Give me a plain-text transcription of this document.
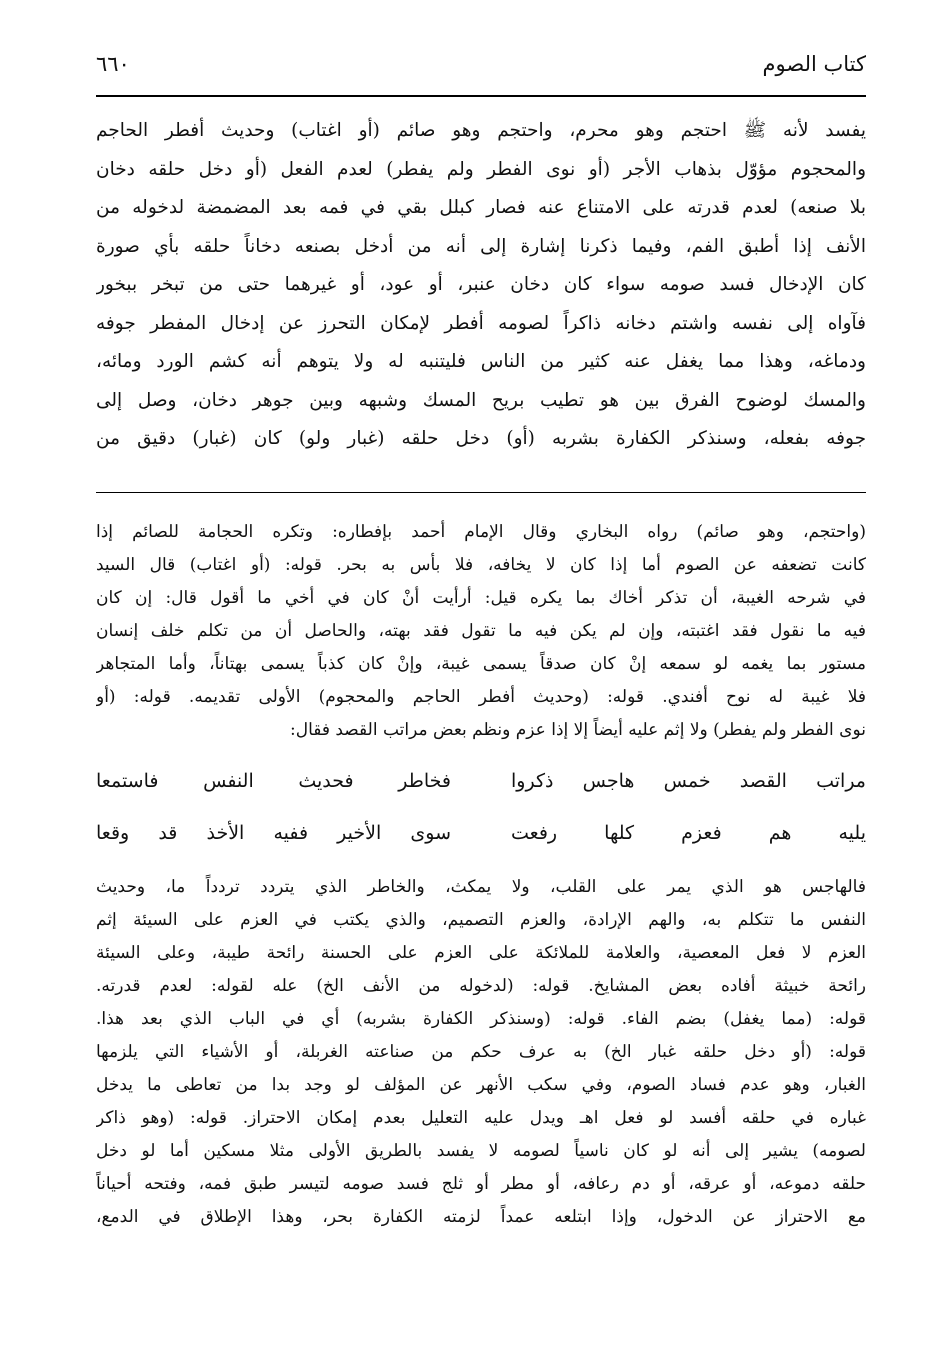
كتاب الصوم
٦٦٠
يفسد لأنه ﷺ احتجم وهو محرم، واحتجم وهو صائم (أو اغتاب) وحديث أفطر الحاجم
والمحجوم مؤوّل بذهاب الأجر (أو نوى الفطر ولم يفطر) لعدم الفعل (أو دخل حلقه دخان
بلا صنعه) لعدم قدرته على الامتناع عنه فصار كبلل بقي في فمه بعد المضمضة لدخوله من
الأنف إذا أطبق الفم، وفيما ذكرنا إشارة إلى أنه من أدخل بصنعه دخاناً حلقه بأي صورة
كان الإدخال فسد صومه سواء كان دخان عنبر، أو عود، أو غيرهما حتى من تبخر ببخور
فآواه إلى نفسه واشتم دخانه ذاكراً لصومه أفطر لإمكان التحرز عن إدخال المفطر جوفه
ودماغه، وهذا مما يغفل عنه كثير من الناس فليتنبه له ولا يتوهم أنه كشم الورد ومائه،
والمسك لوضوح الفرق بين هو تطيب بريح المسك وشبهه وبين جوهر دخان، وصل إلى
جوفه بفعله، وسنذكر الكفارة بشربه (أو) دخل حلقه (غبار ولو) كان (غبار) دقيق من
(واحتجم، وهو صائم) رواه البخاري وقال الإمام أحمد بإفطاره: وتكره الحجامة للصائم إذا
كانت تضعفه عن الصوم أما إذا كان لا يخافه، فلا بأس به بحر. قوله: (أو اغتاب) قال السيد
في شرحه الغيبة، أن تذكر أخاك بما يكره قيل: أرأيت أنْ كان في أخي ما أقول قال: إن كان
فيه ما نقول فقد اغتبته، وإن لم يكن فيه ما تقول فقد بهته، والحاصل أن من تكلم خلف إنسان
مستور بما يغمه لو سمعه إنْ كان صدقاً يسمى غيبة، وإنْ كان كذباً يسمى بهتاناً، وأما المتجاهر
فلا غيبة له نوح أفندي. قوله: (وحديث أفطر الحاجم والمحجوم) الأولى تقديمه. قوله: (أو
نوى الفطر ولم يفطر) ولا إثم عليه أيضاً إلا إذا عزم ونظم بعض مراتب القصد فقال:
مراتب القصد خمس هاجس ذكروا
فخاطر فحديث النفس فاستمعا
يليه هم فعزم كلها رفعت
سوى الأخير ففيه الأخذ قد وقعا
فالهاجس هو الذي يمر على القلب، ولا يمكث، والخاطر الذي يتردد تردداً ما، وحديث
النفس ما تتكلم به، والهم الإرادة، والعزم التصميم، والذي يكتب في العزم على السيئة إثم
العزم لا فعل المعصية، والعلامة للملائكة على العزم على الحسنة رائحة طيبة، وعلى السيئة
رائحة خبيثة أفاده بعض المشايخ. قوله: (لدخوله من الأنف الخ) عله لقوله: لعدم قدرته.
قوله: (مما يغفل) بضم الفاء. قوله: (وسنذكر الكفارة بشربه) أي في الباب الذي بعد هذا.
قوله: (أو دخل حلقه غبار الخ) به عرف حكم من صناعته الغربلة، أو الأشياء التي يلزمها
الغبار، وهو عدم فساد الصوم، وفي سكب الأنهر عن المؤلف لو وجد بدا من تعاطى ما يدخل
غباره في حلقه أفسد لو فعل اهـ ويدل عليه التعليل بعدم إمكان الاحتراز. قوله: (وهو ذاكر
لصومه) يشير إلى أنه لو كان ناسياً لصومه لا يفسد بالطريق الأولى مثلا مسكين أما لو دخل
حلقه دموعه، أو عرقه، أو دم رعافه، أو مطر أو ثلج فسد صومه لتيسر طبق فمه، وفتحه أحياناً
مع الاحتراز عن الدخول، وإذا ابتلعه عمداً لزمته الكفارة بحر، وهذا الإطلاق في الدمع،
